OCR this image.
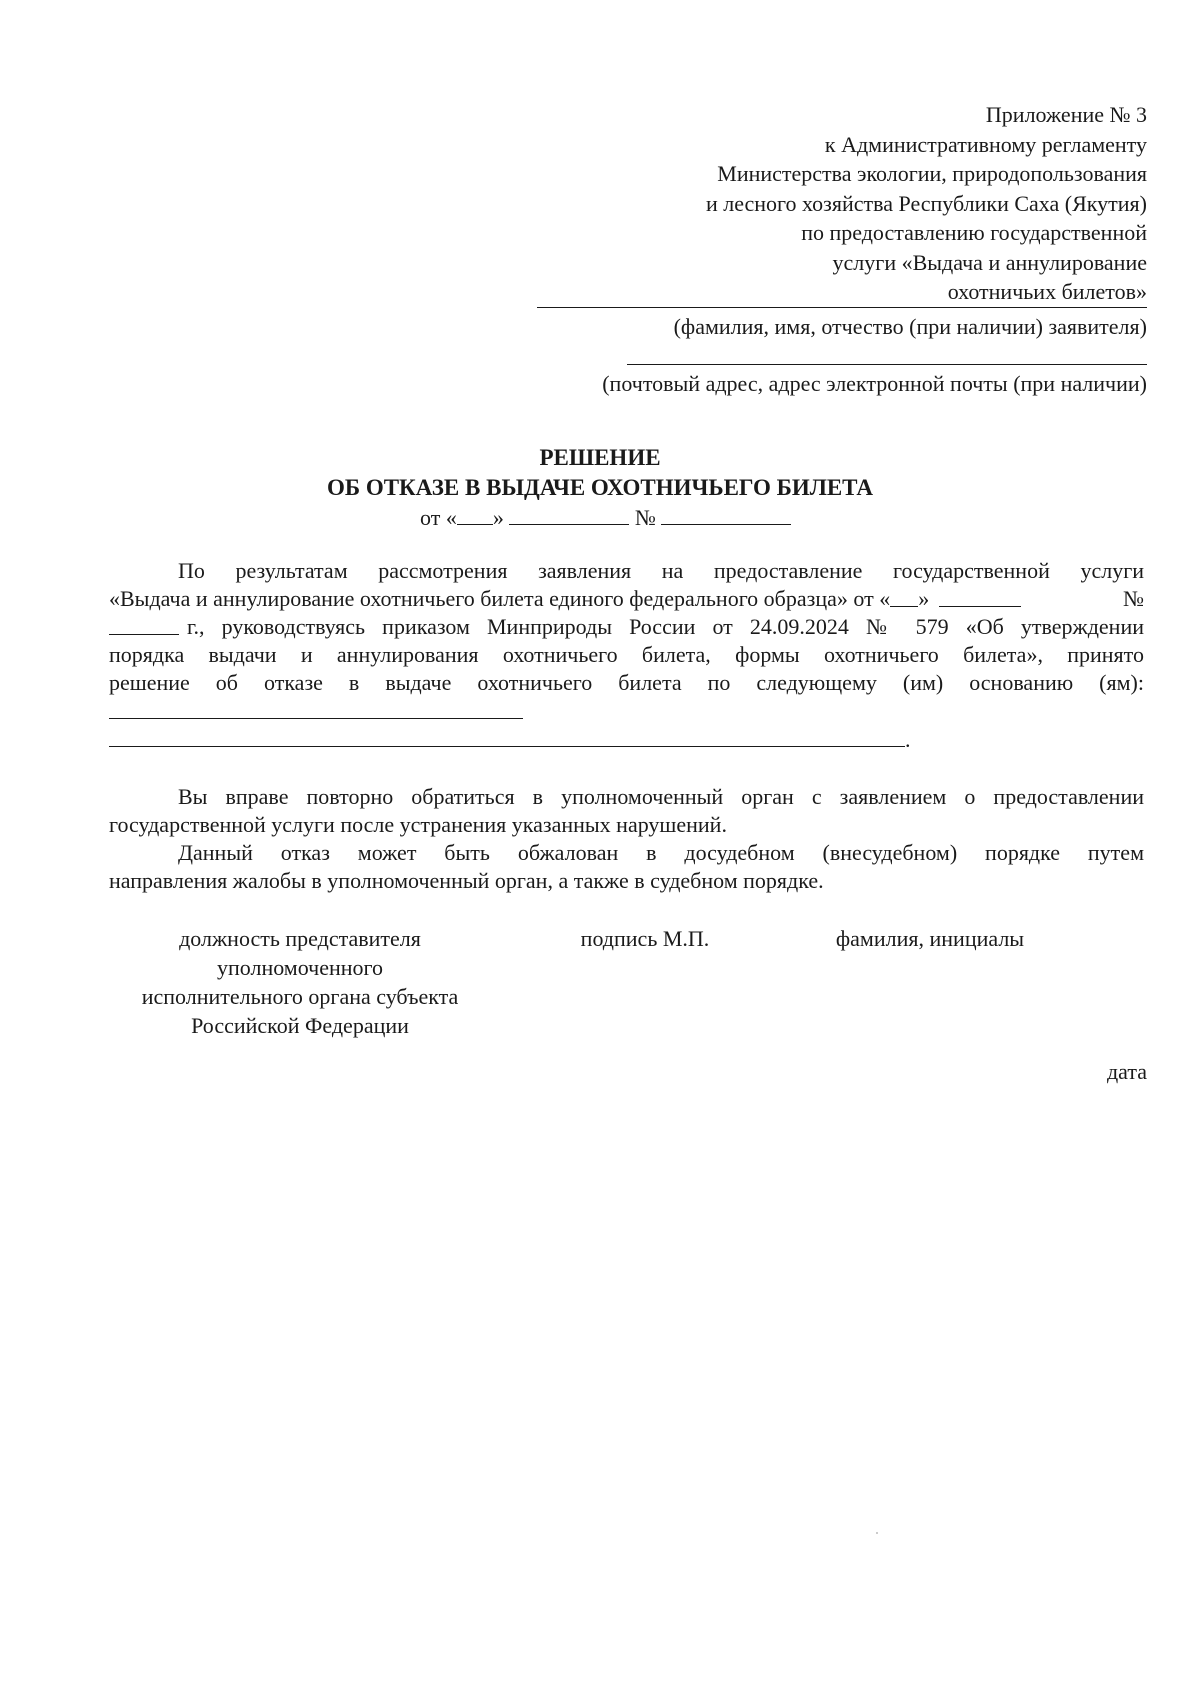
Приложение № 3
к Административному регламенту
Министерства экологии, природопользования
и лесного хозяйства Республики Саха (Якутия)
по предоставлению государственной
услуги «Выдача и аннулирование
охотничьих билетов»
(фамилия, имя, отчество (при наличии) заявителя)
(почтовый адрес, адрес электронной почты (при наличии)
РЕШЕНИЕ
ОБ ОТКАЗЕ В ВЫДАЧЕ ОХОТНИЧЬЕГО БИЛЕТА
от « »	№
По результатам рассмотрения заявления на предоставление государственной услуги
«Выдача и аннулирование охотничьего билета единого федерального образца» от « »	№
г., руководствуясь приказом Минприроды России от 24.09.2024 № 579 «Об утверждении
порядка выдачи и аннулирования охотничьего билета, формы охотничьего билета», принято
решение об отказе в выдаче охотничьего билета по следующему (им) основанию (ям):
.
Вы вправе повторно обратиться в уполномоченный орган с заявлением о предоставлении
государственной услуги после устранения указанных нарушений.
Данный отказ может быть обжалован в досудебном (внесудебном) порядке путем
направления жалобы в уполномоченный орган, а также в судебном порядке.
должность представителя
уполномоченного
исполнительного органа субъекта
Российской Федерации
подпись М.П.	фамилия, инициалы
дата
